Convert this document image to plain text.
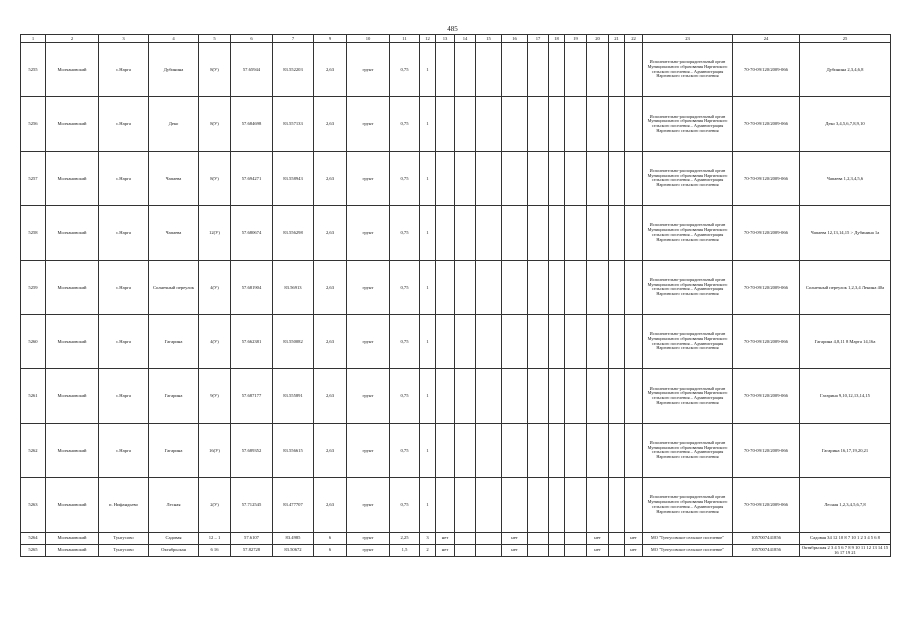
485
1	2	3	4	5	6	7	9	10	11	12	13	14	15	16	17	18	19	20	21	22	23	24	25
5255	Молчановский	с.Нарга	Дубинина	8(У)	57.65944	83.552203	2,63	грунт	0,75	1											Исполнительно-распорядительный орган Муниципального образования Наргинского сельского поселения – Администрация Наргинского сельского поселения	70-70-09/120/2009-066	Дубинина 2,3,4,6,8
5256	Молчановский	с.Нарга	Деко	8(У)	57.684698	83.557133	2,63	грунт	0,75	1											Исполнительно-распорядительный орган Муниципального образования Наргинского сельского поселения – Администрация Наргинского сельского поселения	70-70-09/120/2009-066	Деко 3,4,5,6,7,8,9,10
5257	Молчановский	с.Нарга	Чапаева	8(У)	57.694271	83.558943	2,63	грунт	0,75	1											Исполнительно-распорядительный орган Муниципального образования Наргинского сельского поселения – Администрация Наргинского сельского поселения	70-70-09/120/2009-066	Чапаева 1,2,3,4,5,6
5258	Молчановский	с.Нарга	Чапаева	12(У)	57.680674	83.556298	2,63	грунт	0,75	1											Исполнительно-распорядительный орган Муниципального образования Наргинского сельского поселения – Администрация Наргинского сельского поселения	70-70-09/120/2009-066	Чапаева 12,13,14,15 > Дубинина 1а
5259	Молчановский	с.Нарга	Солнечный переулок	4(У)	57.681904	83.56913	2,63	грунт	0,75	1											Исполнительно-распорядительный орган Муниципального образования Наргинского сельского поселения – Администрация Наргинского сельского поселения	70-70-09/120/2009-066	Солнечный переулок 1,2,3,4 Ленина 40а
5260	Молчановский	с.Нарга	Гагарина	4(У)	57.662381	83.550082	2,63	грунт	0,75	1											Исполнительно-распорядительный орган Муниципального образования Наргинского сельского поселения – Администрация Наргинского сельского поселения	70-70-09/120/2009-066	Гагарина 4,8,11 8 Марта 14,16а
5261	Молчановский	с.Нарга	Гагарина	9(У)	57.687177	83.555891	2,63	грунт	0,75	1											Исполнительно-распорядительный орган Муниципального образования Наргинского сельского поселения – Администрация Наргинского сельского поселения	70-70-09/120/2009-066	Гагарина 9,10,12,13,14,15
5262	Молчановский	с.Нарга	Гагарина	16(У)	57.689352	83.556615	2,63	грунт	0,75	1											Исполнительно-распорядительный орган Муниципального образования Наргинского сельского поселения – Администрация Наргинского сельского поселения	70-70-09/120/2009-066	Гагарина 16,17,19,20,21
5263	Молчановский	п. Нифандьево	Лесная	2(У)	57.712545	83.477707	2,63	грунт	0,75	1											Исполнительно-распорядительный орган Муниципального образования Наргинского сельского поселения – Администрация Наргинского сельского поселения	70-70-09/120/2009-066	Лесная 1,2,3,4,5,6,7,8
5264	Молчановский	Тунгусово	Садовая	12 – 1	57.6107	83.4985	6	грунт	2,25	3	нет			нет				нет		нет	МО "Тунгусовское сельское поселение"	1057007441856	Садовая 34 12 10 8 7 10 1 2 3 4 5 6 8
5265	Молчановский	Тунгусово	Октябрьская	6 16	57.82728	83.50672	6	грунт	1,5	2	нет			нет				нет		нет	МО "Тунгусовское сельское поселение"	1057007441856	Октябрьская 2 3 4 5 6 7 8 9 10 11 12 13 14 15 16 17 19 21
